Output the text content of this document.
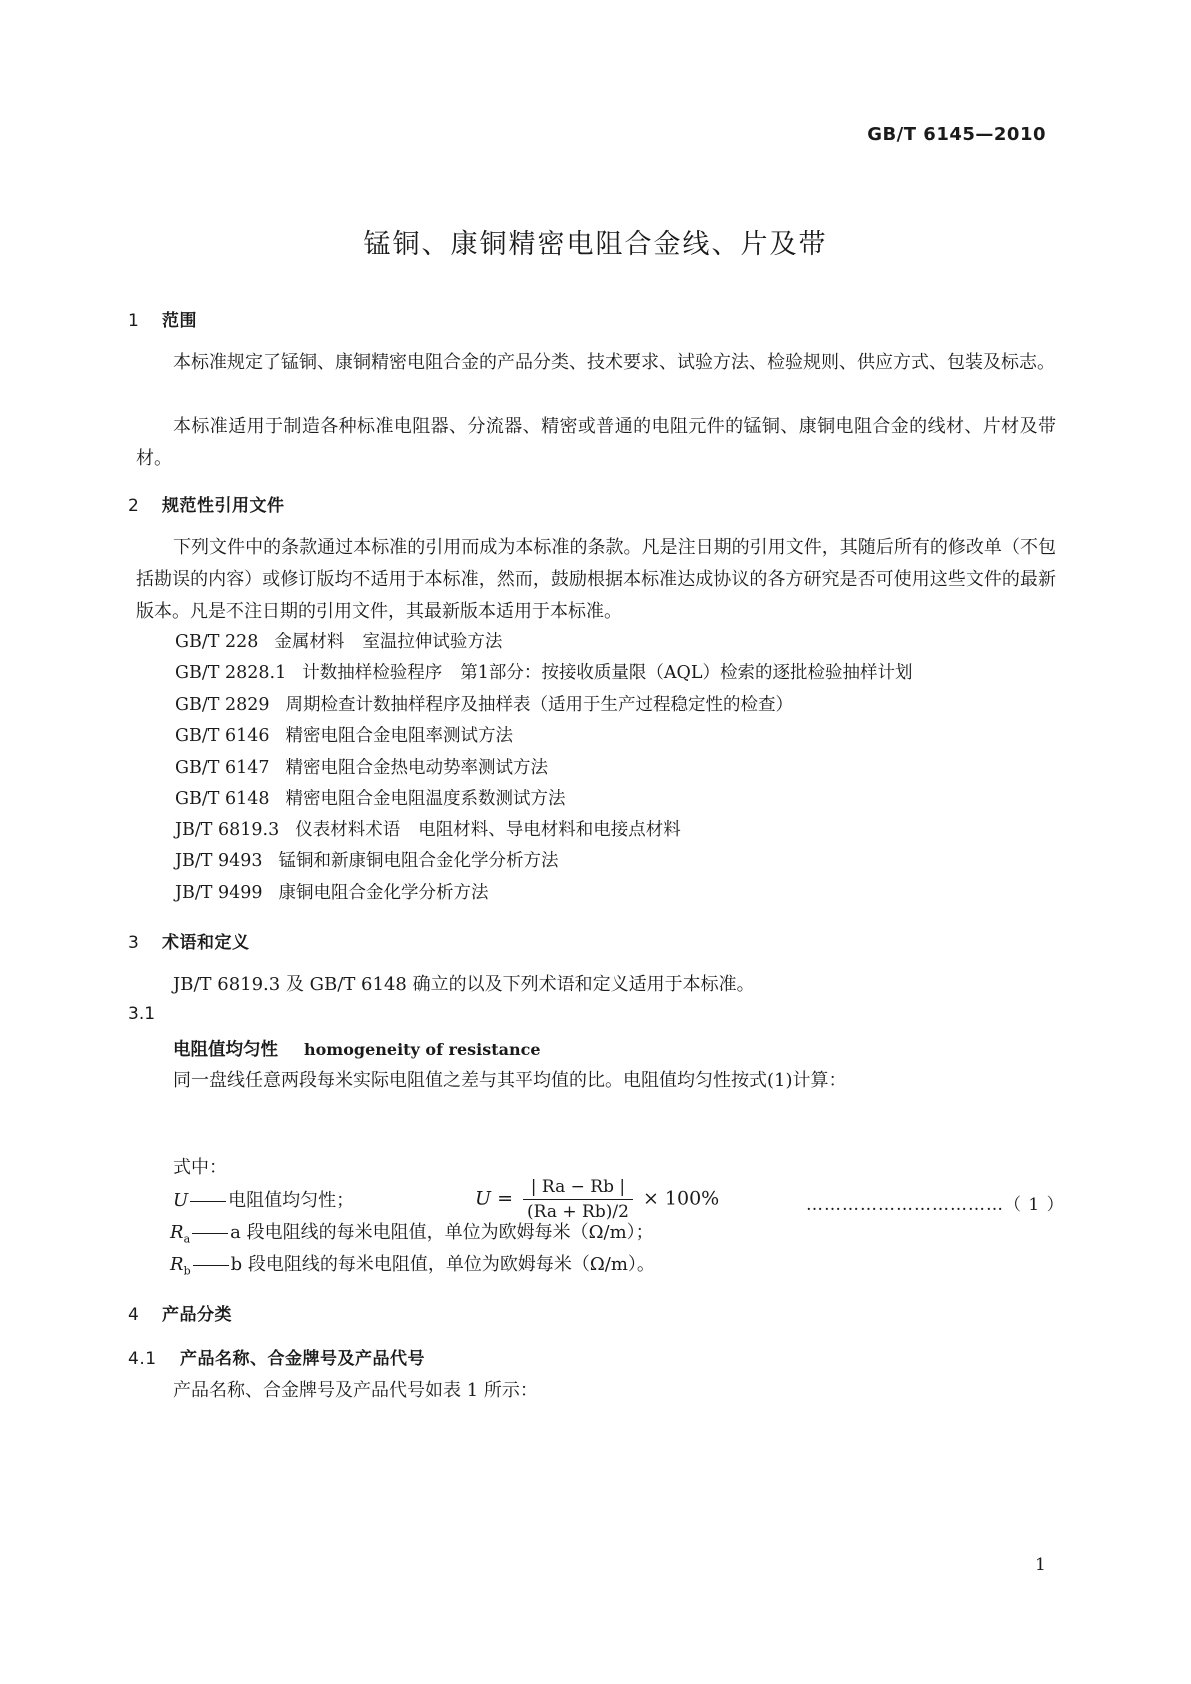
GB/T 6145—2010
锰铜、康铜精密电阻合金线、片及带
1 范围
本标准规定了锰铜、康铜精密电阻合金的产品分类、技术要求、试验方法、检验规则、供应方式、包装及标志。
本标准适用于制造各种标准电阻器、分流器、精密或普通的电阻元件的锰铜、康铜电阻合金的线材、片材及带材。
2 规范性引用文件
下列文件中的条款通过本标准的引用而成为本标准的条款。凡是注日期的引用文件，其随后所有的修改单（不包括勘误的内容）或修订版均不适用于本标准，然而，鼓励根据本标准达成协议的各方研究是否可使用这些文件的最新版本。凡是不注日期的引用文件，其最新版本适用于本标准。
GB/T 228 金属材料 室温拉伸试验方法
GB/T 2828.1 计数抽样检验程序 第1部分：按接收质量限（AQL）检索的逐批检验抽样计划
GB/T 2829 周期检查计数抽样程序及抽样表（适用于生产过程稳定性的检查）
GB/T 6146 精密电阻合金电阻率测试方法
GB/T 6147 精密电阻合金热电动势率测试方法
GB/T 6148 精密电阻合金电阻温度系数测试方法
JB/T 6819.3 仪表材料术语 电阻材料、导电材料和电接点材料
JB/T 9493 锰铜和新康铜电阻合金化学分析方法
JB/T 9499 康铜电阻合金化学分析方法
3 术语和定义
JB/T 6819.3 及 GB/T 6148 确立的以及下列术语和定义适用于本标准。
3.1
电阻值均匀性 homogeneity of resistance
同一盘线任意两段每米实际电阻值之差与其平均值的比。电阻值均匀性按式(1)计算：
$U = \frac{| Ra - Rb |}{(Ra + Rb)/2} \times 100\%$	……………………………（ 1 ）
式中：
U 电阻值均匀性；
$R_a$ a 段电阻线的每米电阻值，单位为欧姆每米（Ω/m）；
$R_b$ b 段电阻线的每米电阻值，单位为欧姆每米（Ω/m）。
4 产品分类
4.1 产品名称、合金牌号及产品代号
产品名称、合金牌号及产品代号如表 1 所示：
1
